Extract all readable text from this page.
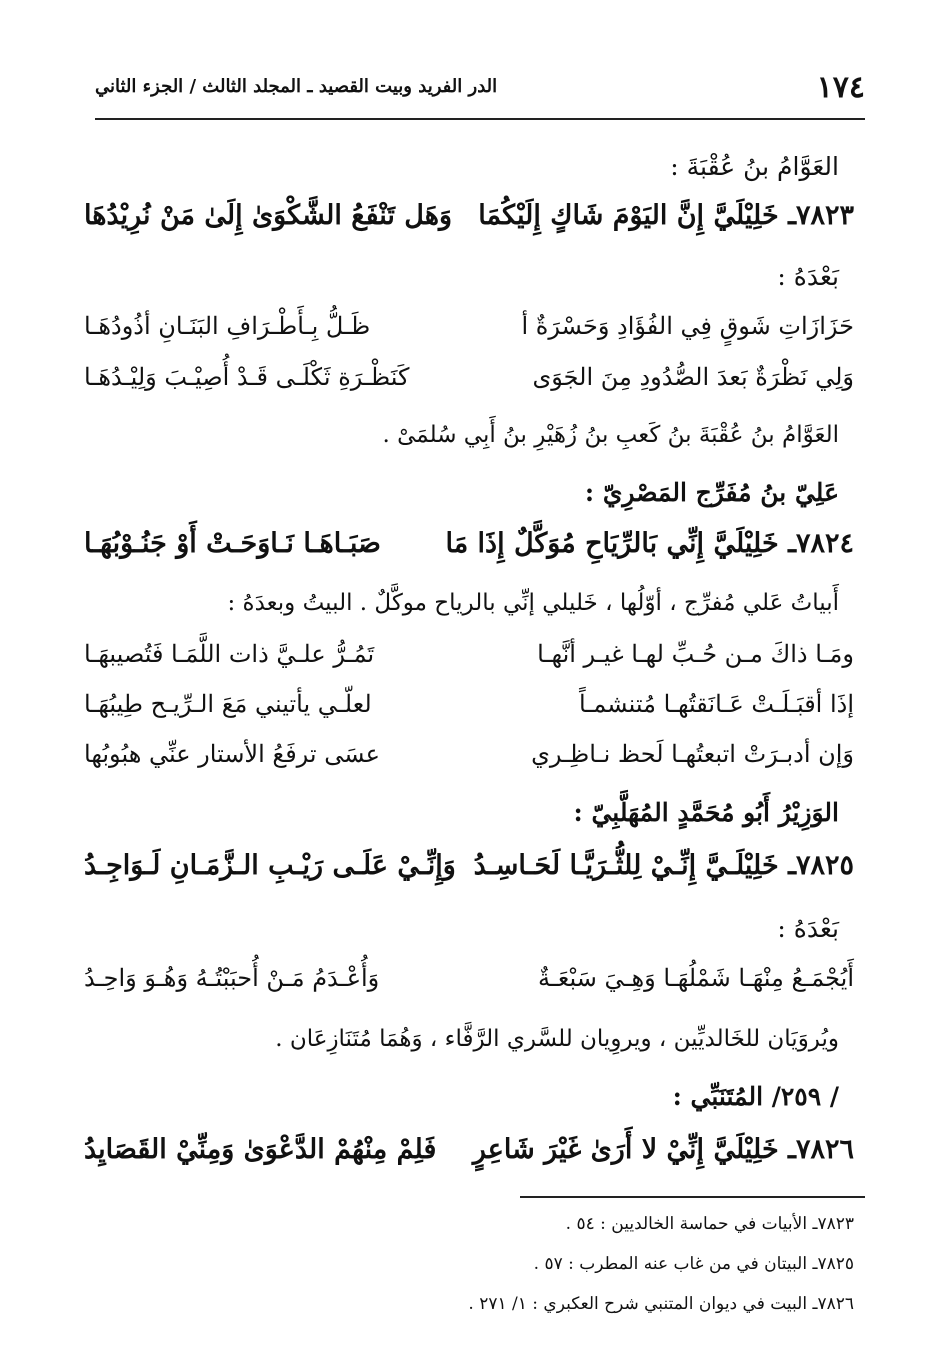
١٧٤
الدر الفريد وبيت القصيد ـ المجلد الثالث / الجزء الثاني
العَوَّامُ بنُ عُقْبَةَ :
٧٨٢٣ـ خَلِيْلَيَّ إِنَّ اليَوْمَ شَاكٍ إِلَيْكُمَا
وَهَل تَنْفَعُ الشَّكْوَىٰ إِلَىٰ مَنْ نُرِيْدُهَا
بَعْدَهُ :
حَزَازَاتِ شَوقٍ فِي الفُؤَادِ وَحَسْرَةٌ أ
ظَـلُّ بِـأَطْـرَافِ البَنَـانِ أذُودُهَـا
وَلِي نَظْرَةٌ بَعدَ الصُّدُودِ مِنَ الجَوَى
كَنَظْـرَةِ ثَكْلَـى قَـدْ أُصِيْـبَ وَلِيْـدُهَـا
العَوَّامُ بنُ عُقْبَةَ بنُ كَعبِ بنُ زُهَيْرِ بنُ أَبِي سُلمَىْ .
عَلِيّ بنُ مُفَرِّج المَصْرِيّ :
٧٨٢٤ـ خَلِيْلَيَّ إِنِّي بَالرِّيَاحِ مُوَكَّلٌ إِذَا مَا
صَبَـاهَـا نَـاوَحَـتْ أَوْ جَنُـوْبُهَـا
أَبياتُ عَلي مُفرِّج ، أوّلُها ، خَليلي إنِّي بالرياح موكَّلٌ . البيتُ وبعدَهُ :
ومَـا ذاكَ مـن حُـبِّ لهـا غيـر أنَّهـا
تَمُـرُّ علـيَّ ذات اللَّمَـا فَتُصيبهَـا
إذَا أقبَـلَـتْ عَـانَقتُهـا مُتنشمـاً
لعلّـي يأتيني مَعَ الـرِّيـح طِيبُهَـا
وَإن أدبـرَتْ اتبعتُهـا لَحظ نـاظِـري
عسَى ترفَعُ الأستار عنِّي هبُوبُها
الوَزِيْرُ أَبُو مُحَمَّدٍ المُهَلَّبِيّ :
٧٨٢٥ـ خَلِيْلَـيَّ إِنِّـيْ لِلثُّـرَيَّـا لَحَـاسِـدُ
وَإِنِّـيْ عَلَـى رَيْـبِ الـزَّمَـانِ لَـوَاجِـدُ
بَعْدَهُ :
أَيُجْمَـعُ مِنْهَـا شَمْلُهَـا وَهِـيَ سَبْعَـةٌ
وَأُعْـدَمُ مَـنْ أُحبَبْتُـهُ وَهُـوَ وَاحِـدُ
ويُروَيَان للخَالديِّين ، ويروِيان للسَّري الرَّفَّاء ، وَهُمَا مُتَنَازِعَان .
/ ٢٥٩/ المُتَنَبِّي :
٧٨٢٦ـ خَلِيْلَيَّ إِنِّيْ لا أَرَىٰ غَيْرَ شَاعِرٍ
فَلِمْ مِنْهُمْ الدَّعْوَىٰ وَمِنِّيْ القَصَايِدُ
٧٨٢٣ـ الأبيات في حماسة الخالديين : ٥٤ .
٧٨٢٥ـ البيتان في من غاب عنه المطرب : ٥٧ .
٧٨٢٦ـ البيت في ديوان المتنبي شرح العكبري : ١/ ٢٧١ .
